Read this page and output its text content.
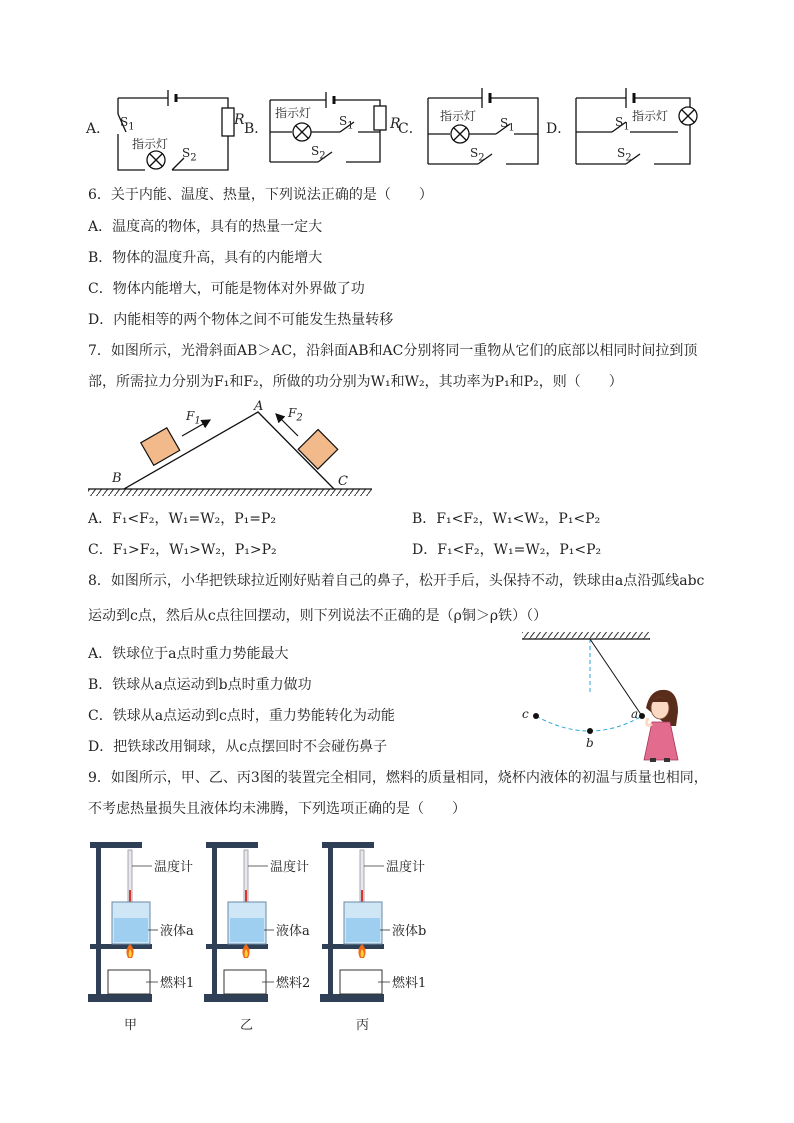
A． $S_1$
指示灯
$S_2$
R
B．
指示灯
$S_1$
$S_2$
R
C．
指示灯 $S_1$
$S_2$
D．	$S_1$
指示灯
$S_2$
6．关于内能、温度、热量，下列说法正确的是（　　）
A．温度高的物体，具有的热量一定大
B．物体的温度升高，具有的内能增大
C．物体内能增大，可能是物体对外界做了功
D．内能相等的两个物体之间不可能发生热量转移
7．如图所示，光滑斜面AB＞AC，沿斜面AB和AC分别将同一重物从它们的底部以相同时间拉到顶
部，所需拉力分别为F₁和F₂，所做的功分别为W₁和W₂，其功率为P₁和P₂，则（　　）
A
B	C
$F_1$
$F_2$
A．F₁<F₂，W₁=W₂，P₁=P₂	B．F₁<F₂，W₁<W₂，P₁<P₂
C．F₁>F₂，W₁>W₂，P₁>P₂	D．F₁<F₂，W₁=W₂，P₁<P₂
8．如图所示，小华把铁球拉近刚好贴着自己的鼻子，松开手后，头保持不动，铁球由a点沿弧线abc
运动到c点，然后从c点往回摆动，则下列说法不正确的是（ρ铜＞ρ铁）（）
A．铁球位于a点时重力势能最大
B．铁球从a点运动到b点时重力做功
C．铁球从a点运动到c点时，重力势能转化为动能
D．把铁球改用铜球，从c点摆回时不会碰伤鼻子
c
b
a
9．如图所示，甲、乙、丙3图的装置完全相同，燃料的质量相同，烧杯内液体的初温与质量也相同，
不考虑热量损失且液体均未沸腾，下列选项正确的是（　　）
温度计
液体a
燃料1
甲
温度计
液体a
燃料2
乙
温度计
液体b
燃料1
丙
